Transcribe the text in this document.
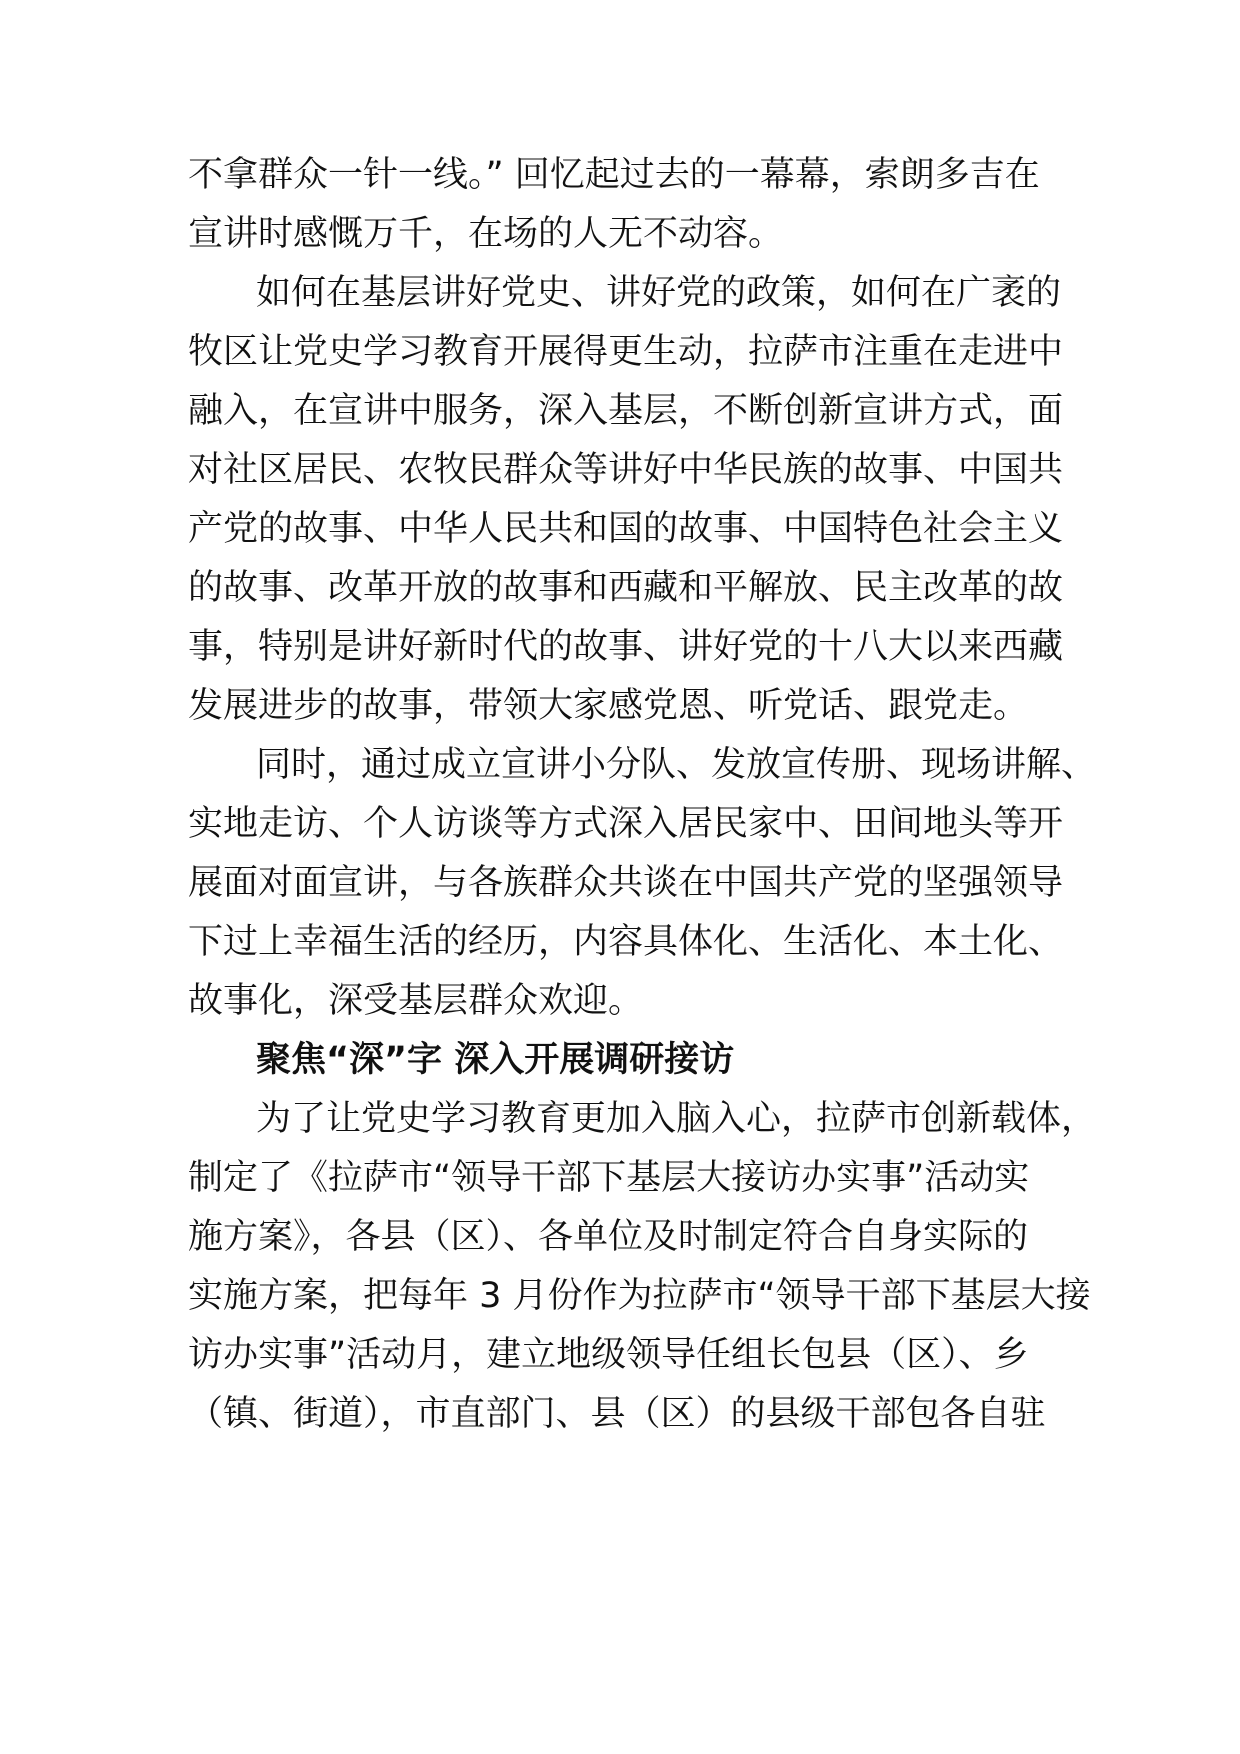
不拿群众一针一线。” 回忆起过去的一幕幕，索朗多吉在

宣讲时感慨万千，在场的人无不动容。

如何在基层讲好党史、讲好党的政策，如何在广袤的

牧区让党史学习教育开展得更生动，拉萨市注重在走进中

融入，在宣讲中服务，深入基层，不断创新宣讲方式，面

对社区居民、农牧民群众等讲好中华民族的故事、中国共

产党的故事、中华人民共和国的故事、中国特色社会主义

的故事、改革开放的故事和西藏和平解放、民主改革的故

事，特别是讲好新时代的故事、讲好党的十八大以来西藏

发展进步的故事，带领大家感党恩、听党话、跟党走。

同时，通过成立宣讲小分队、发放宣传册、现场讲解、

实地走访、个人访谈等方式深入居民家中、田间地头等开

展面对面宣讲，与各族群众共谈在中国共产党的坚强领导

下过上幸福生活的经历，内容具体化、生活化、本土化、

故事化，深受基层群众欢迎。

聚焦“深”字 深入开展调研接访

为了让党史学习教育更加入脑入心，拉萨市创新载体，

制定了《拉萨市“领导干部下基层大接访办实事”活动实

施方案》，各县（区）、各单位及时制定符合自身实际的

实施方案，把每年 3 月份作为拉萨市“领导干部下基层大接

访办实事”活动月，建立地级领导任组长包县（区）、乡

（镇、街道），市直部门、县（区）的县级干部包各自驻
